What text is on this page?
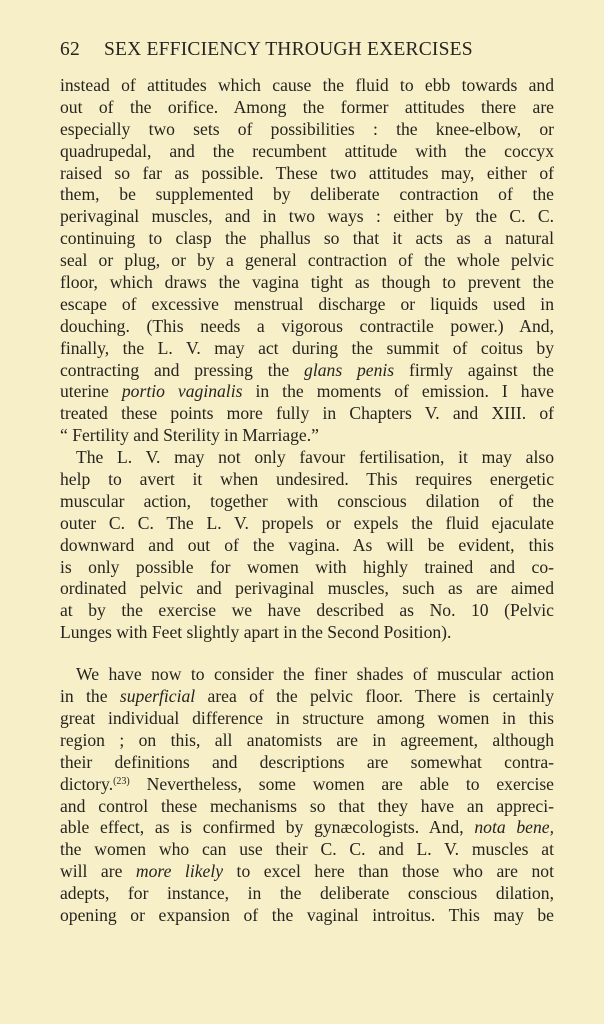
62 SEX EFFICIENCY THROUGH EXERCISES
instead of attitudes which cause the fluid to ebb towards and
out of the orifice. Among the former attitudes there are
especially two sets of possibilities : the knee-elbow, or
quadrupedal, and the recumbent attitude with the coccyx
raised so far as possible. These two attitudes may, either of
them, be supplemented by deliberate contraction of the
perivaginal muscles, and in two ways : either by the C. C.
continuing to clasp the phallus so that it acts as a natural
seal or plug, or by a general contraction of the whole pelvic
floor, which draws the vagina tight as though to prevent the
escape of excessive menstrual discharge or liquids used in
douching. (This needs a vigorous contractile power.) And,
finally, the L. V. may act during the summit of coitus by
contracting and pressing the glans penis firmly against the
uterine portio vaginalis in the moments of emission. I have
treated these points more fully in Chapters V. and XIII. of
“ Fertility and Sterility in Marriage.”
The L. V. may not only favour fertilisation, it may also
help to avert it when undesired. This requires energetic
muscular action, together with conscious dilation of the
outer C. C. The L. V. propels or expels the fluid ejaculate
downward and out of the vagina. As will be evident, this
is only possible for women with highly trained and co-
ordinated pelvic and perivaginal muscles, such as are aimed
at by the exercise we have described as No. 10 (Pelvic
Lunges with Feet slightly apart in the Second Position).
We have now to consider the finer shades of muscular action
in the superficial area of the pelvic floor. There is certainly
great individual difference in structure among women in this
region ; on this, all anatomists are in agreement, although
their definitions and descriptions are somewhat contra-
dictory.$^{(23)}$ Nevertheless, some women are able to exercise
and control these mechanisms so that they have an appreci-
able effect, as is confirmed by gynæcologists. And, nota bene,
the women who can use their C. C. and L. V. muscles at
will are more likely to excel here than those who are not
adepts, for instance, in the deliberate conscious dilation,
opening or expansion of the vaginal introitus. This may be
